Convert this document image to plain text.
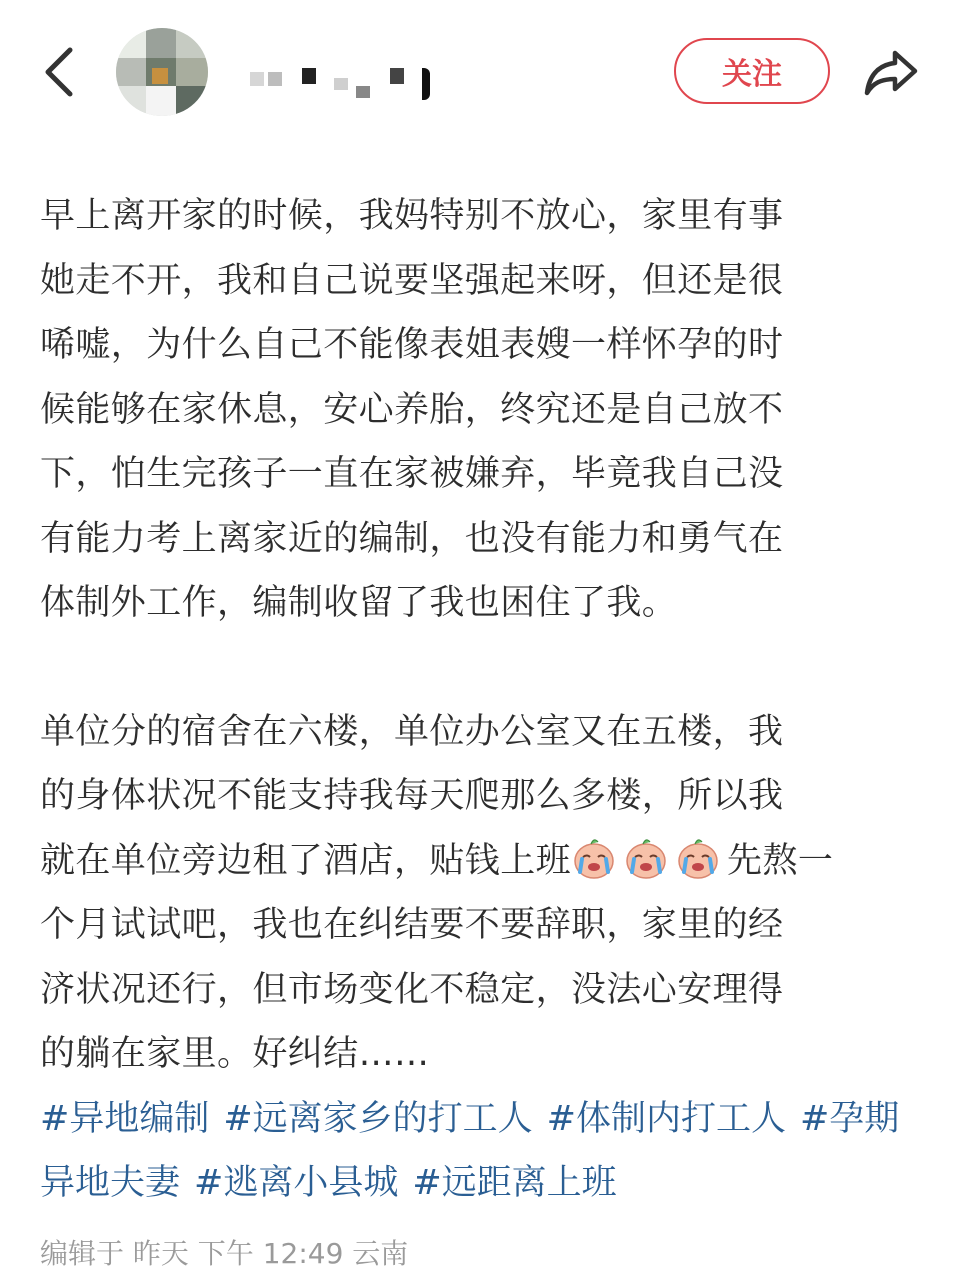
关注
早上离开家的时候，我妈特别不放心，家里有事
她走不开，我和自己说要坚强起来呀，但还是很
唏嘘，为什么自己不能像表姐表嫂一样怀孕的时
候能够在家休息，安心养胎，终究还是自己放不
下，怕生完孩子一直在家被嫌弃，毕竟我自己没
有能力考上离家近的编制，也没有能力和勇气在
体制外工作，编制收留了我也困住了我。
单位分的宿舍在六楼，单位办公室又在五楼，我
的身体状况不能支持我每天爬那么多楼，所以我
就在单位旁边租了酒店，贴钱上班	先熬一
个月试试吧，我也在纠结要不要辞职，家里的经
济状况还行，但市场变化不稳定，没法心安理得
的躺在家里。好纠结……
#异地编制 #远离家乡的打工人 #体制内打工人 #孕期异地夫妻 #逃离小县城 #远距离上班
编辑于 昨天 下午 12:49 云南
